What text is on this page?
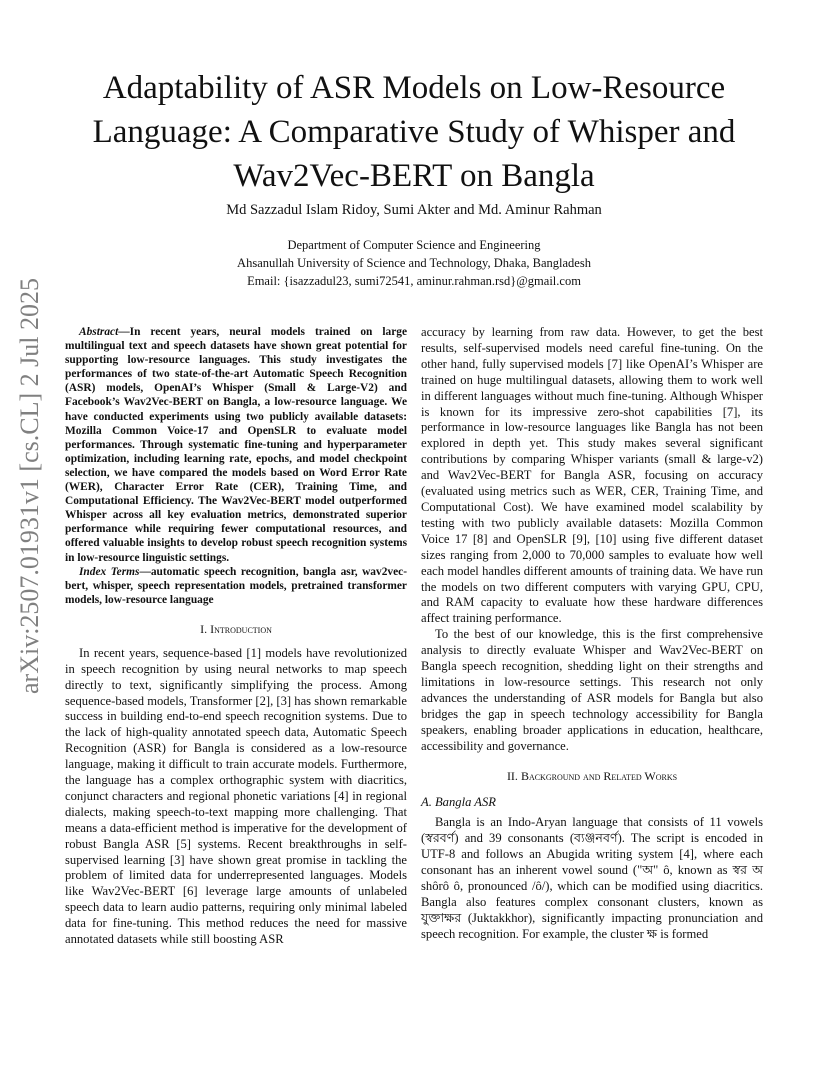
Adaptability of ASR Models on Low-Resource Language: A Comparative Study of Whisper and Wav2Vec-BERT on Bangla
Md Sazzadul Islam Ridoy, Sumi Akter and Md. Aminur Rahman
Department of Computer Science and Engineering
Ahsanullah University of Science and Technology, Dhaka, Bangladesh
Email: {isazzadul23, sumi72541, aminur.rahman.rsd}@gmail.com
arXiv:2507.01931v1 [cs.CL] 2 Jul 2025	Abstract—In recent years, neural models trained on large multilingual text and speech datasets have shown great potential for supporting low-resource languages. This study investigates the performances of two state-of-the-art Automatic Speech Recognition (ASR) models, OpenAI’s Whisper (Small & Large-V2) and Facebook’s Wav2Vec-BERT on Bangla, a low-resource language. We have conducted experiments using two publicly available datasets: Mozilla Common Voice-17 and OpenSLR to evaluate model performances. Through systematic fine-tuning and hyperparameter optimization, including learning rate, epochs, and model checkpoint selection, we have compared the models based on Word Error Rate (WER), Character Error Rate (CER), Training Time, and Computational Efficiency. The Wav2Vec-BERT model outperformed Whisper across all key evaluation metrics, demonstrated superior performance while requiring fewer computational resources, and offered valuable insights to develop robust speech recognition systems in low-resource linguistic settings.

Index Terms—automatic speech recognition, bangla asr, wav2vec-bert, whisper, speech representation models, pretrained transformer models, low-resource language

I. Introduction

In recent years, sequence-based [1] models have revolutionized in speech recognition by using neural networks to map speech directly to text, significantly simplifying the process. Among sequence-based models, Transformer [2], [3] has shown remarkable success in building end-to-end speech recognition systems. Due to the lack of high-quality annotated speech data, Automatic Speech Recognition (ASR) for Bangla is considered as a low-resource language, making it difficult to train accurate models. Furthermore, the language has a complex orthographic system with diacritics, conjunct characters and regional phonetic variations [4] in regional dialects, making speech-to-text mapping more challenging. That means a data-efficient method is imperative for the development of robust Bangla ASR [5] systems. Recent breakthroughs in self-supervised learning [3] have shown great promise in tackling the problem of limited data for underrepresented languages. Models like Wav2Vec-BERT [6] leverage large amounts of unlabeled speech data to learn audio patterns, requiring only minimal labeled data for fine-tuning. This method reduces the need for massive annotated datasets while still boosting ASR

accuracy by learning from raw data. However, to get the best results, self-supervised models need careful fine-tuning. On the other hand, fully supervised models [7] like OpenAI’s Whisper are trained on huge multilingual datasets, allowing them to work well in different languages without much fine-tuning. Although Whisper is known for its impressive zero-shot capabilities [7], its performance in low-resource languages like Bangla has not been explored in depth yet. This study makes several significant contributions by comparing Whisper variants (small & large-v2) and Wav2Vec-BERT for Bangla ASR, focusing on accuracy (evaluated using metrics such as WER, CER, Training Time, and Computational Cost). We have examined model scalability by testing with two publicly available datasets: Mozilla Common Voice 17 [8] and OpenSLR [9], [10] using five different dataset sizes ranging from 2,000 to 70,000 samples to evaluate how well each model handles different amounts of training data. We have run the models on two different computers with varying GPU, CPU, and RAM capacity to evaluate how these hardware differences affect training performance.

To the best of our knowledge, this is the first comprehensive analysis to directly evaluate Whisper and Wav2Vec-BERT on Bangla speech recognition, shedding light on their strengths and limitations in low-resource settings. This research not only advances the understanding of ASR models for Bangla but also bridges the gap in speech technology accessibility for Bangla speakers, enabling broader applications in education, healthcare, accessibility and governance.

II. Background and Related Works
A. Bangla ASR

Bangla is an Indo-Aryan language that consists of 11 vowels (স্বরবর্ণ) and 39 consonants (ব্যঞ্জনবর্ণ). The script is encoded in UTF-8 and follows an Abugida writing system [4], where each consonant has an inherent vowel sound ("অ" ô, known as স্বর অ shôrô ô, pronounced /ô/), which can be modified using diacritics. Bangla also features complex consonant clusters, known as যুক্তাক্ষর (Juktakkhor), significantly impacting pronunciation and speech recognition. For example, the cluster ক্ষ is formed
